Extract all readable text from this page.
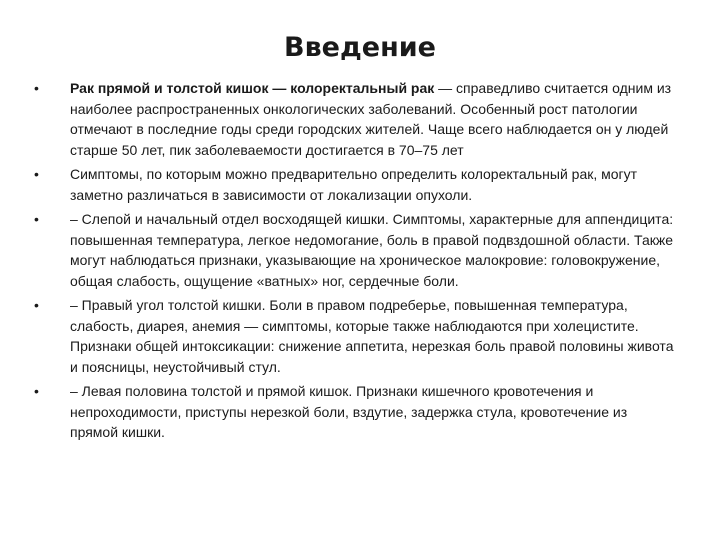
Введение
•	Рак прямой и толстой кишок — колоректальный рак — справедливо считается одним из наиболее распространенных онкологических заболеваний. Особенный рост патологии отмечают в последние годы среди городских жителей. Чаще всего наблюдается он у людей старше 50 лет, пик заболеваемости достигается в 70–75 лет
•	Симптомы, по которым можно предварительно определить колоректальный рак, могут заметно различаться в зависимости от локализации опухоли.
•	– Слепой и начальный отдел восходящей кишки. Симптомы, характерные для аппендицита: повышенная температура, легкое недомогание, боль в правой подвздошной области. Также могут наблюдаться признаки, указывающие на хроническое малокровие: головокружение, общая слабость, ощущение «ватных» ног, сердечные боли.
•	– Правый угол толстой кишки. Боли в правом подреберье, повышенная температура, слабость, диарея, анемия — симптомы, которые также наблюдаются при холецистите. Признаки общей интоксикации: снижение аппетита, нерезкая боль правой половины живота и поясницы, неустойчивый стул.
•	– Левая половина толстой и прямой кишок. Признаки кишечного кровотечения и непроходимости, приступы нерезкой боли, вздутие, задержка стула, кровотечение из прямой кишки.
